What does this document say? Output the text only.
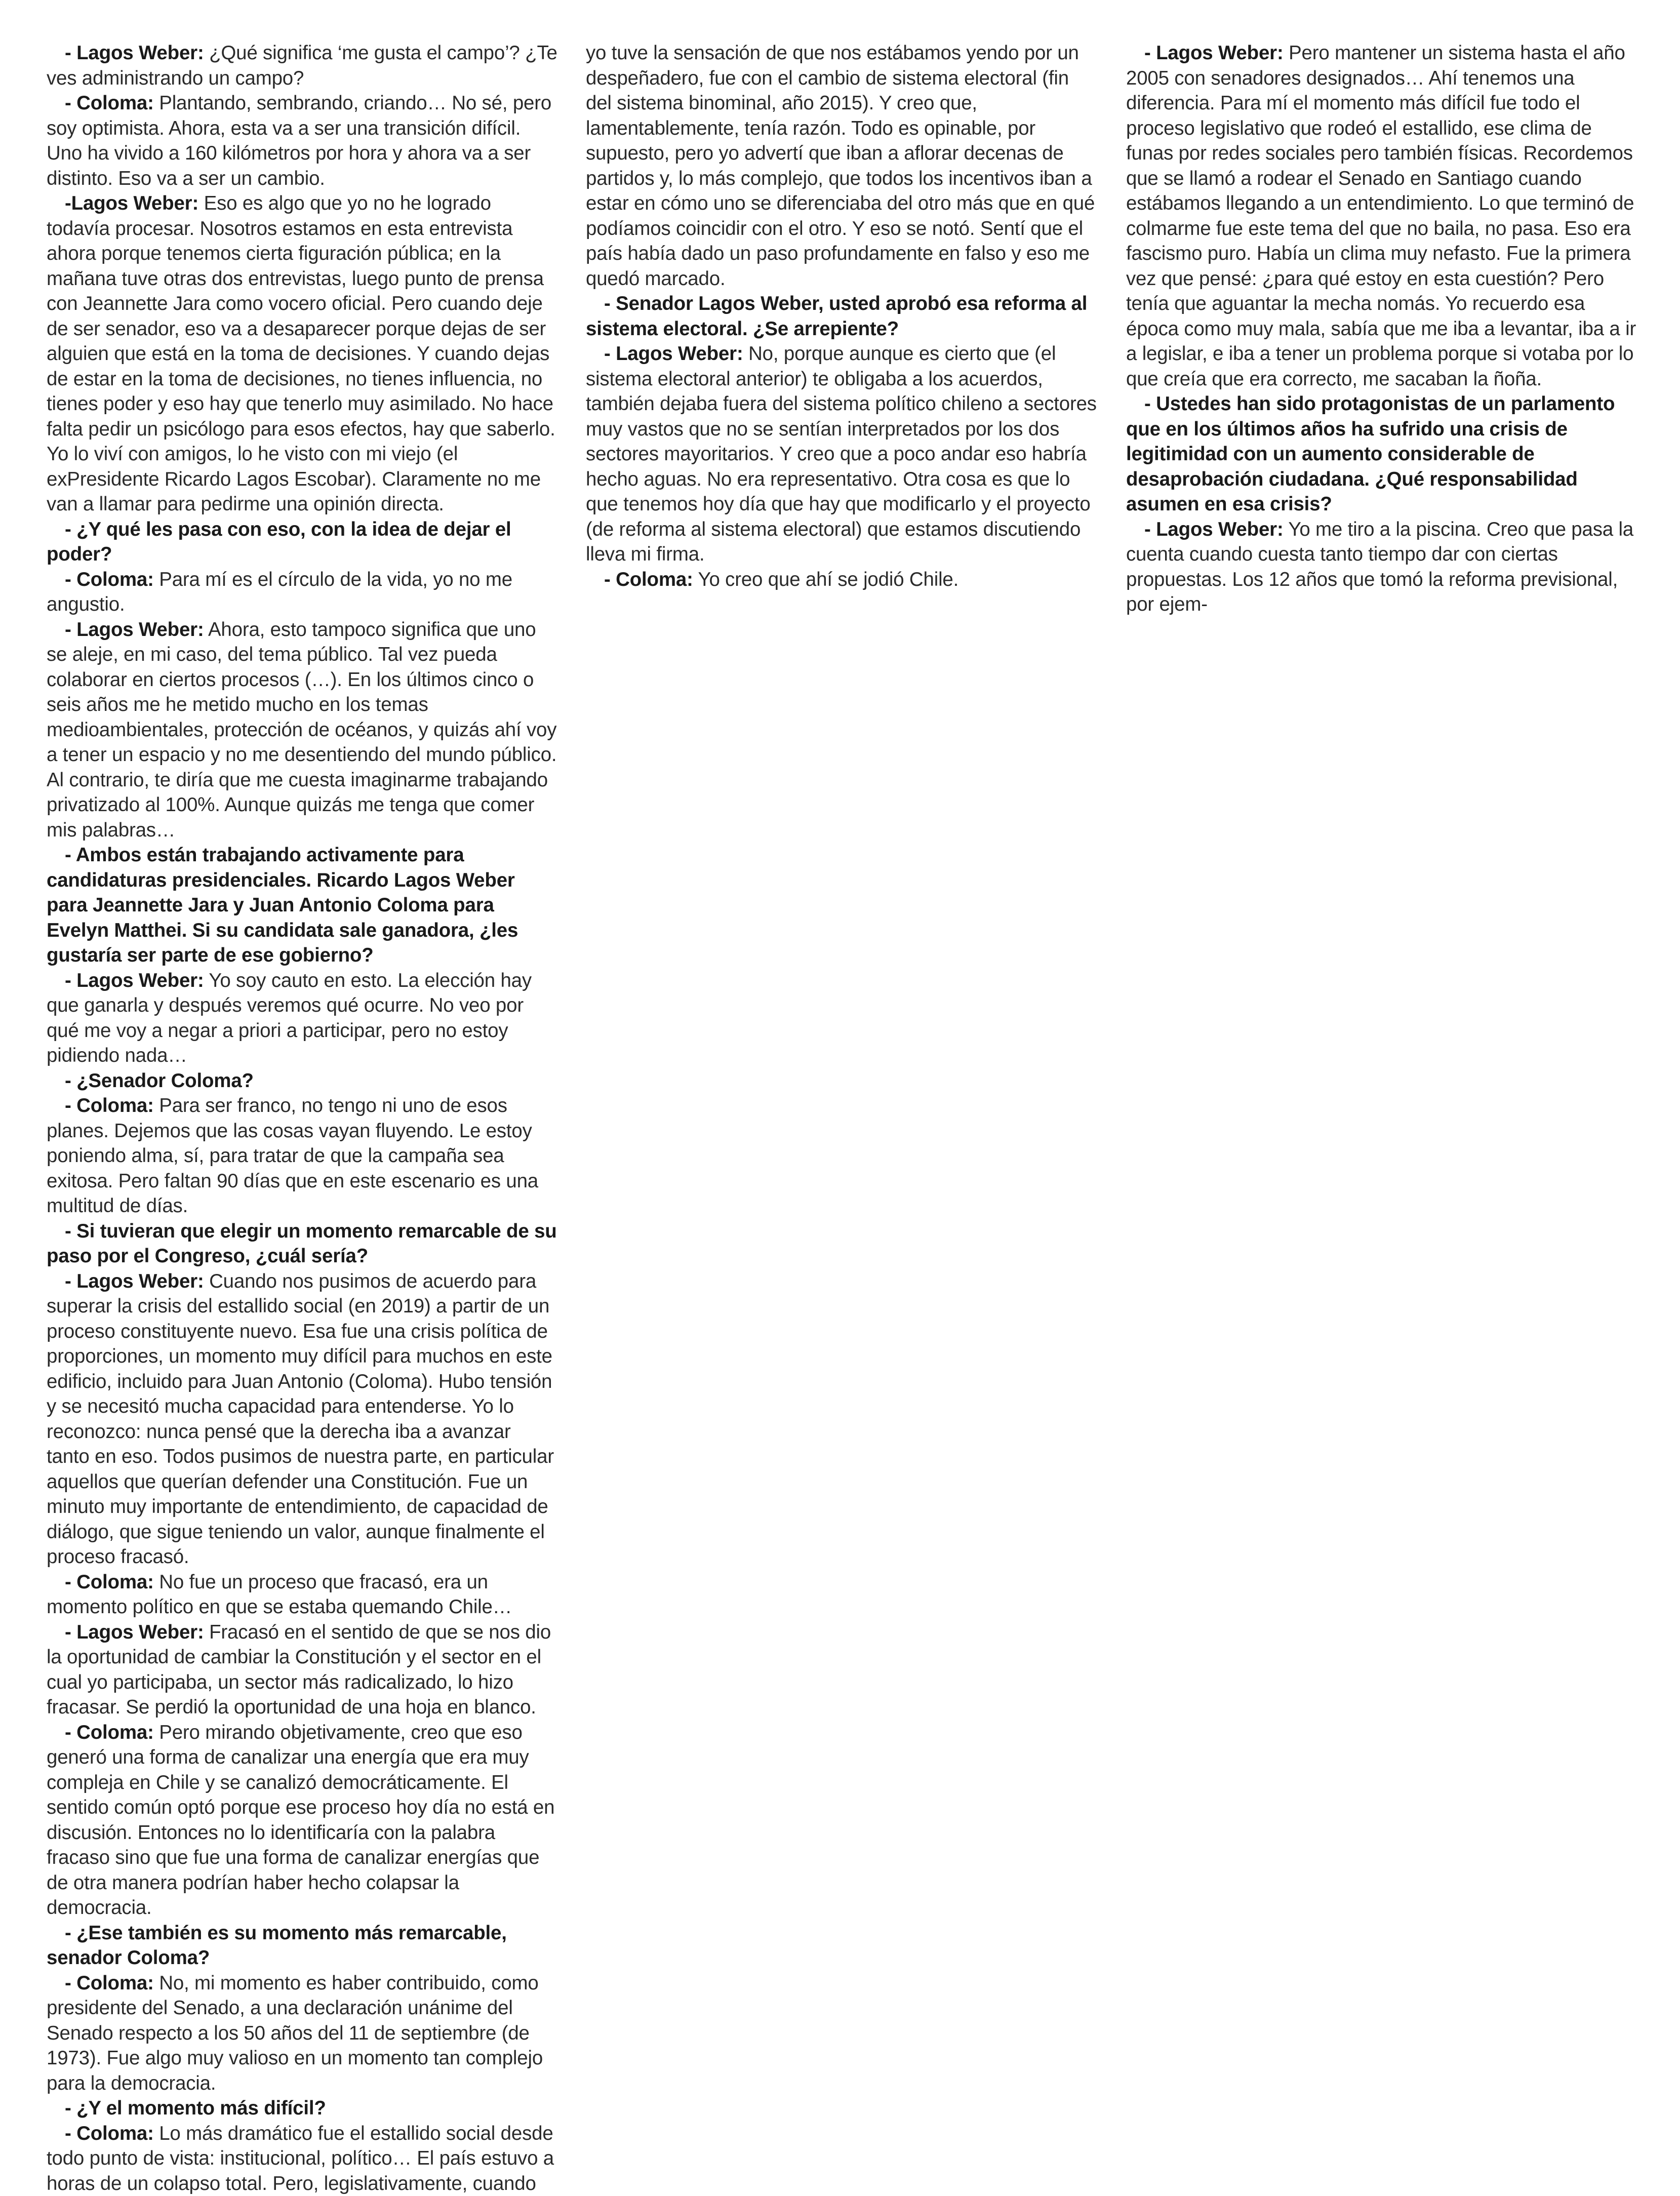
- Lagos Weber: ¿Qué significa ‘me gusta el campo’? ¿Te ves administrando un campo?

- Coloma: Plantando, sembrando, criando… No sé, pero soy optimista. Ahora, esta va a ser una transición difícil. Uno ha vivido a 160 kilómetros por hora y ahora va a ser distinto. Eso va a ser un cambio.

-Lagos Weber: Eso es algo que yo no he logrado todavía procesar. Nosotros estamos en esta entrevista ahora porque tenemos cierta figuración pública; en la mañana tuve otras dos entrevistas, luego punto de prensa con Jeannette Jara como vocero oficial. Pero cuando deje de ser senador, eso va a desaparecer porque dejas de ser alguien que está en la toma de decisiones. Y cuando dejas de estar en la toma de decisiones, no tienes influencia, no tienes poder y eso hay que tenerlo muy asimilado. No hace falta pedir un psicólogo para esos efectos, hay que saberlo. Yo lo viví con amigos, lo he visto con mi viejo (el exPresidente Ricardo Lagos Escobar). Claramente no me van a llamar para pedirme una opinión directa.

- ¿Y qué les pasa con eso, con la idea de dejar el poder?

- Coloma: Para mí es el círculo de la vida, yo no me angustio.

- Lagos Weber: Ahora, esto tampoco significa que uno se aleje, en mi caso, del tema público. Tal vez pueda colaborar en ciertos procesos (…). En los últimos cinco o seis años me he metido mucho en los temas medioambientales, protección de océanos, y quizás ahí voy a tener un espacio y no me desentiendo del mundo público. Al contrario, te diría que me cuesta imaginarme trabajando privatizado al 100%. Aunque quizás me tenga que comer mis palabras…

- Ambos están trabajando activamente para candidaturas presidenciales. Ricardo Lagos Weber para Jeannette Jara y Juan Antonio Coloma para Evelyn Matthei. Si su candidata sale ganadora, ¿les gustaría ser parte de ese gobierno?

- Lagos Weber: Yo soy cauto en esto. La elección hay que ganarla y después veremos qué ocurre. No veo por qué me voy a negar a priori a participar, pero no estoy pidiendo nada…

- ¿Senador Coloma?

- Coloma: Para ser franco, no tengo ni uno de esos planes. Dejemos que las cosas vayan fluyendo. Le estoy poniendo alma, sí, para tratar de que la campaña sea exitosa. Pero faltan 90 días que en este escenario es una multitud de días.

- Si tuvieran que elegir un momento remarcable de su paso por el Congreso, ¿cuál sería?

- Lagos Weber: Cuando nos pusimos de acuerdo para superar la crisis del estallido social (en 2019) a partir de un proceso constituyente nuevo. Esa fue una crisis política de proporciones, un momento muy difícil para muchos en este edificio, incluido para Juan Antonio (Coloma). Hubo tensión y se necesitó mucha capacidad para entenderse. Yo lo reconozco: nunca pensé que la derecha iba a avanzar tanto en eso. Todos pusimos de nuestra parte, en particular aquellos que querían defender una Constitución. Fue un minuto muy importante de entendimiento, de capacidad de diálogo, que sigue teniendo un valor, aunque finalmente el proceso fracasó.

- Coloma: No fue un proceso que fracasó, era un momento político en que se estaba quemando Chile…

- Lagos Weber: Fracasó en el sentido de que se nos dio la oportunidad de cambiar la Constitución y el sector en el cual yo participaba, un sector más radicalizado, lo hizo fracasar. Se perdió la oportunidad de una hoja en blanco.

- Coloma: Pero mirando objetivamente, creo que eso generó una forma de canalizar una energía que era muy compleja en Chile y se canalizó democráticamente. El sentido común optó porque ese proceso hoy día no está en discusión. Entonces no lo identificaría con la palabra fracaso sino que fue una forma de canalizar energías que de otra manera podrían haber hecho colapsar la democracia.

- ¿Ese también es su momento más remarcable, senador Coloma?

- Coloma: No, mi momento es haber contribuido, como presidente del Senado, a una declaración unánime del Senado respecto a los 50 años del 11 de septiembre (de 1973). Fue algo muy valioso en un momento tan complejo para la democracia.

- ¿Y el momento más difícil?

- Coloma: Lo más dramático fue el estallido social desde todo punto de vista: institucional, político… El país estuvo a horas de un colapso total. Pero, legislativamente, cuando

yo tuve la sensación de que nos estábamos yendo por un despeñadero, fue con el cambio de sistema electoral (fin del sistema binominal, año 2015). Y creo que, lamentablemente, tenía razón. Todo es opinable, por supuesto, pero yo advertí que iban a aflorar decenas de partidos y, lo más complejo, que todos los incentivos iban a estar en cómo uno se diferenciaba del otro más que en qué podíamos coincidir con el otro. Y eso se notó. Sentí que el país había dado un paso profundamente en falso y eso me quedó marcado.

- Senador Lagos Weber, usted aprobó esa reforma al sistema electoral. ¿Se arrepiente?

- Lagos Weber: No, porque aunque es cierto que (el sistema electoral anterior) te obligaba a los acuerdos, también dejaba fuera del sistema político chileno a sectores muy vastos que no se sentían interpretados por los dos sectores mayoritarios. Y creo que a poco andar eso habría hecho aguas. No era representativo. Otra cosa es que lo que tenemos hoy día que hay que modificarlo y el proyecto (de reforma al sistema electoral) que estamos discutiendo lleva mi firma.

- Coloma: Yo creo que ahí se jodió Chile.

- Lagos Weber: Pero mantener un sistema hasta el año 2005 con senadores designados… Ahí tenemos una diferencia. Para mí el momento más difícil fue todo el proceso legislativo que rodeó el estallido, ese clima de funas por redes sociales pero también físicas. Recordemos que se llamó a rodear el Senado en Santiago cuando estábamos llegando a un entendimiento. Lo que terminó de colmarme fue este tema del que no baila, no pasa. Eso era fascismo puro. Había un clima muy nefasto. Fue la primera vez que pensé: ¿para qué estoy en esta cuestión? Pero tenía que aguantar la mecha nomás. Yo recuerdo esa época como muy mala, sabía que me iba a levantar, iba a ir a legislar, e iba a tener un problema porque si votaba por lo que creía que era correcto, me sacaban la ñoña.

- Ustedes han sido protagonistas de un parlamento que en los últimos años ha sufrido una crisis de legitimidad con un aumento considerable de desaprobación ciudadana. ¿Qué responsabilidad asumen en esa crisis?

- Lagos Weber: Yo me tiro a la piscina. Creo que pasa la cuenta cuando cuesta tanto tiempo dar con ciertas propuestas. Los 12 años que tomó la reforma previsional, por ejem-
